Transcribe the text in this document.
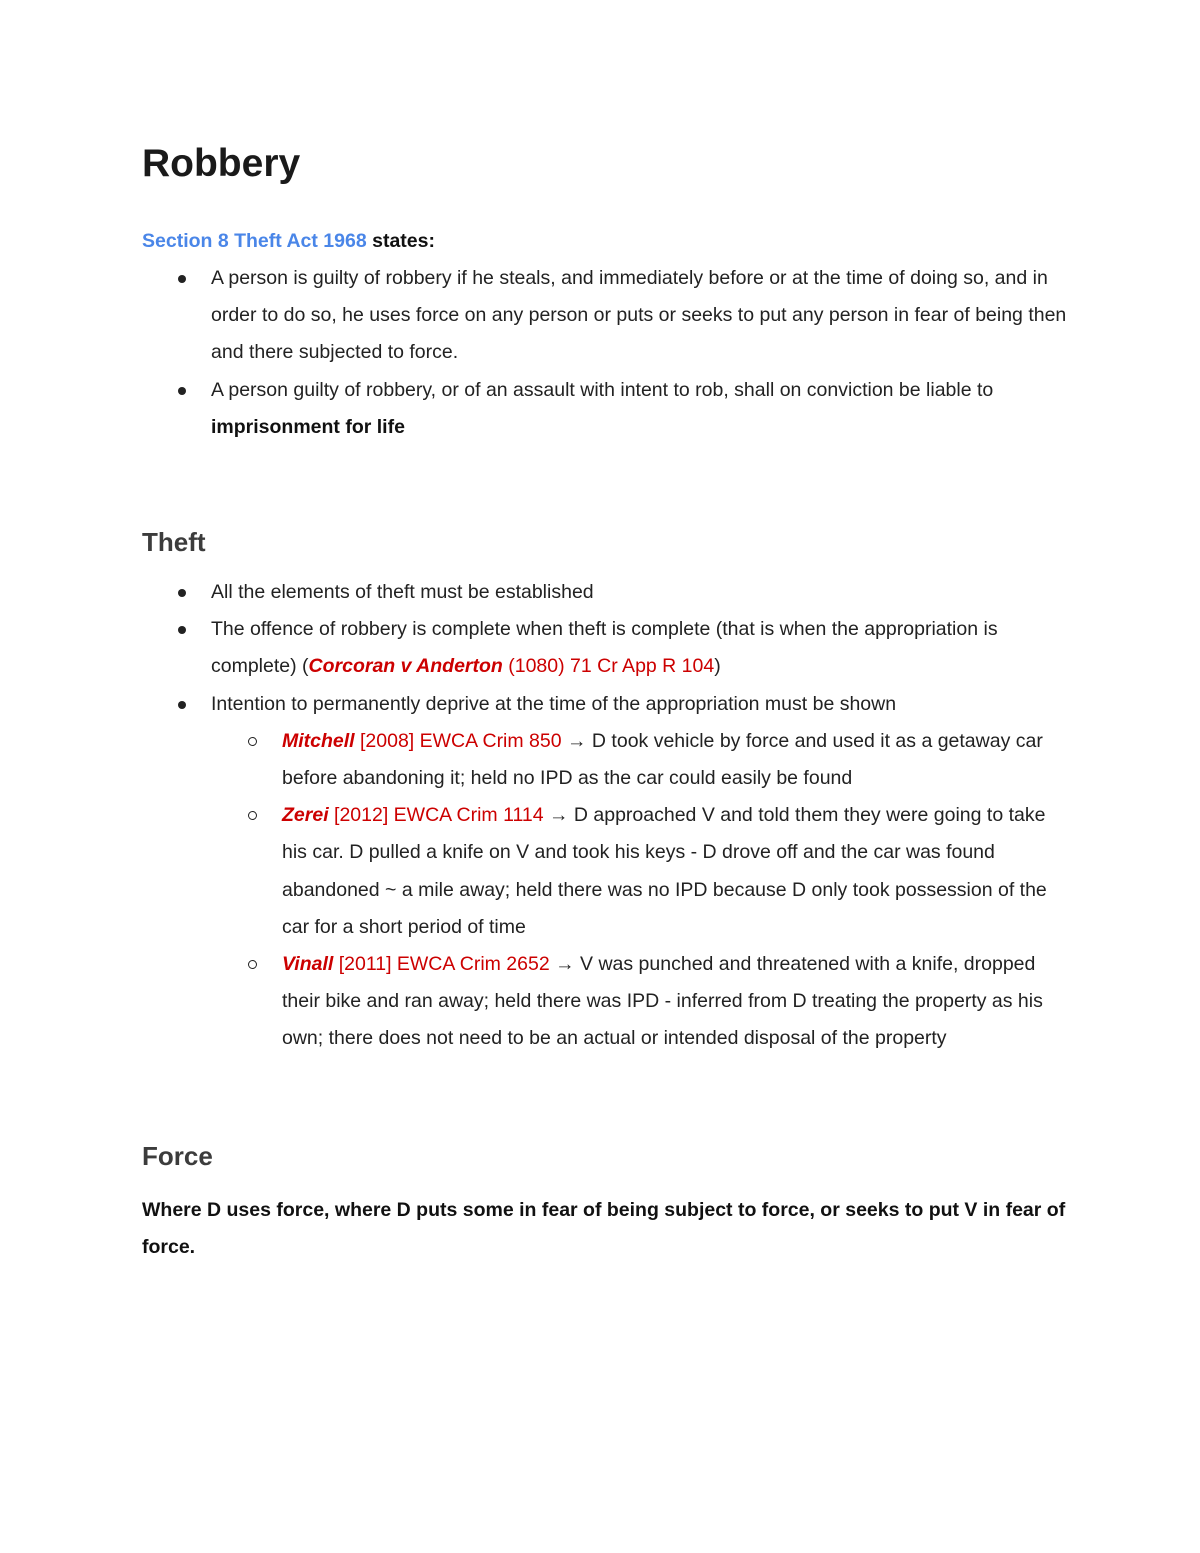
Robbery
Section 8 Theft Act 1968 states:
A person is guilty of robbery if he steals, and immediately before or at the time of doing so, and in order to do so, he uses force on any person or puts or seeks to put any person in fear of being then and there subjected to force.
A person guilty of robbery, or of an assault with intent to rob, shall on conviction be liable to imprisonment for life
Theft
All the elements of theft must be established
The offence of robbery is complete when theft is complete (that is when the appropriation is complete) (Corcoran v Anderton (1080) 71 Cr App R 104)
Intention to permanently deprive at the time of the appropriation must be shown
Mitchell [2008] EWCA Crim 850 → D took vehicle by force and used it as a getaway car before abandoning it; held no IPD as the car could easily be found
Zerei [2012] EWCA Crim 1114 → D approached V and told them they were going to take his car. D pulled a knife on V and took his keys - D drove off and the car was found abandoned ~ a mile away; held there was no IPD because D only took possession of the car for a short period of time
Vinall [2011] EWCA Crim 2652 → V was punched and threatened with a knife, dropped their bike and ran away; held there was IPD - inferred from D treating the property as his own; there does not need to be an actual or intended disposal of the property
Force
Where D uses force, where D puts some in fear of being subject to force, or seeks to put V in fear of force.
